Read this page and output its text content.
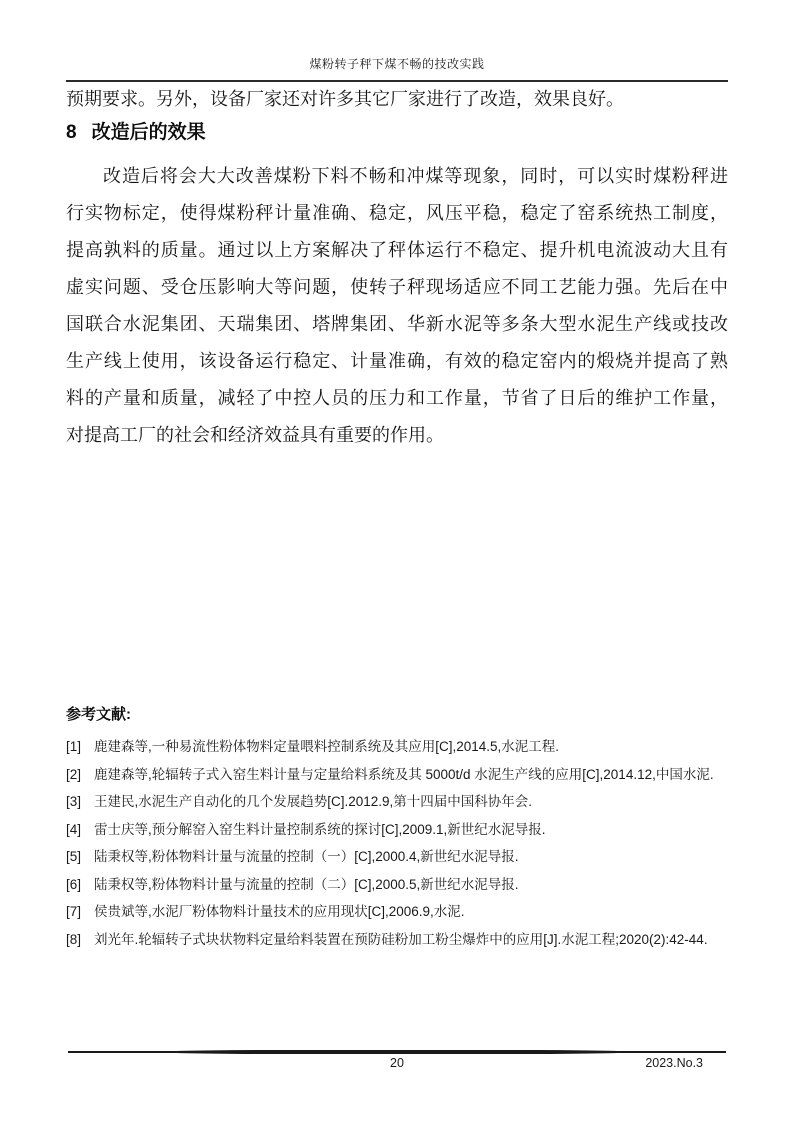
煤粉转子秤下煤不畅的技改实践

预期要求。另外，设备厂家还对许多其它厂家进行了改造，效果良好。

8 改造后的效果
改造后将会大大改善煤粉下料不畅和冲煤等现象，同时，可以实时煤粉秤进
行实物标定，使得煤粉秤计量准确、稳定，风压平稳，稳定了窑系统热工制度，
提高孰料的质量。通过以上方案解决了秤体运行不稳定、提升机电流波动大且有
虚实问题、受仓压影响大等问题，使转子秤现场适应不同工艺能力强。先后在中
国联合水泥集团、天瑞集团、塔牌集团、华新水泥等多条大型水泥生产线或技改
生产线上使用，该设备运行稳定、计量准确，有效的稳定窑内的煅烧并提高了熟
料的产量和质量，减轻了中控人员的压力和工作量，节省了日后的维护工作量，
对提高工厂的社会和经济效益具有重要的作用。
参考文献:
[1] 鹿建森等,一种易流性粉体物料定量喂料控制系统及其应用[C],2014.5,水泥工程.
[2] 鹿建森等,轮辐转子式入窑生料计量与定量给料系统及其 5000t/d 水泥生产线的应用[C],2014.12,中国水泥.
[3] 王建民,水泥生产自动化的几个发展趋势[C].2012.9,第十四届中国科协年会.
[4] 雷士庆等,预分解窑入窑生料计量控制系统的探讨[C],2009.1,新世纪水泥导报.
[5] 陆秉权等,粉体物料计量与流量的控制（一）[C],2000.4,新世纪水泥导报.
[6] 陆秉权等,粉体物料计量与流量的控制（二）[C],2000.5,新世纪水泥导报.
[7] 侯贵斌等,水泥厂粉体物料计量技术的应用现状[C],2006.9,水泥.
[8] 刘光年.轮辐转子式块状物料定量给料装置在预防硅粉加工粉尘爆炸中的应用[J].水泥工程;2020(2):42-44.
20	2023.No.3
